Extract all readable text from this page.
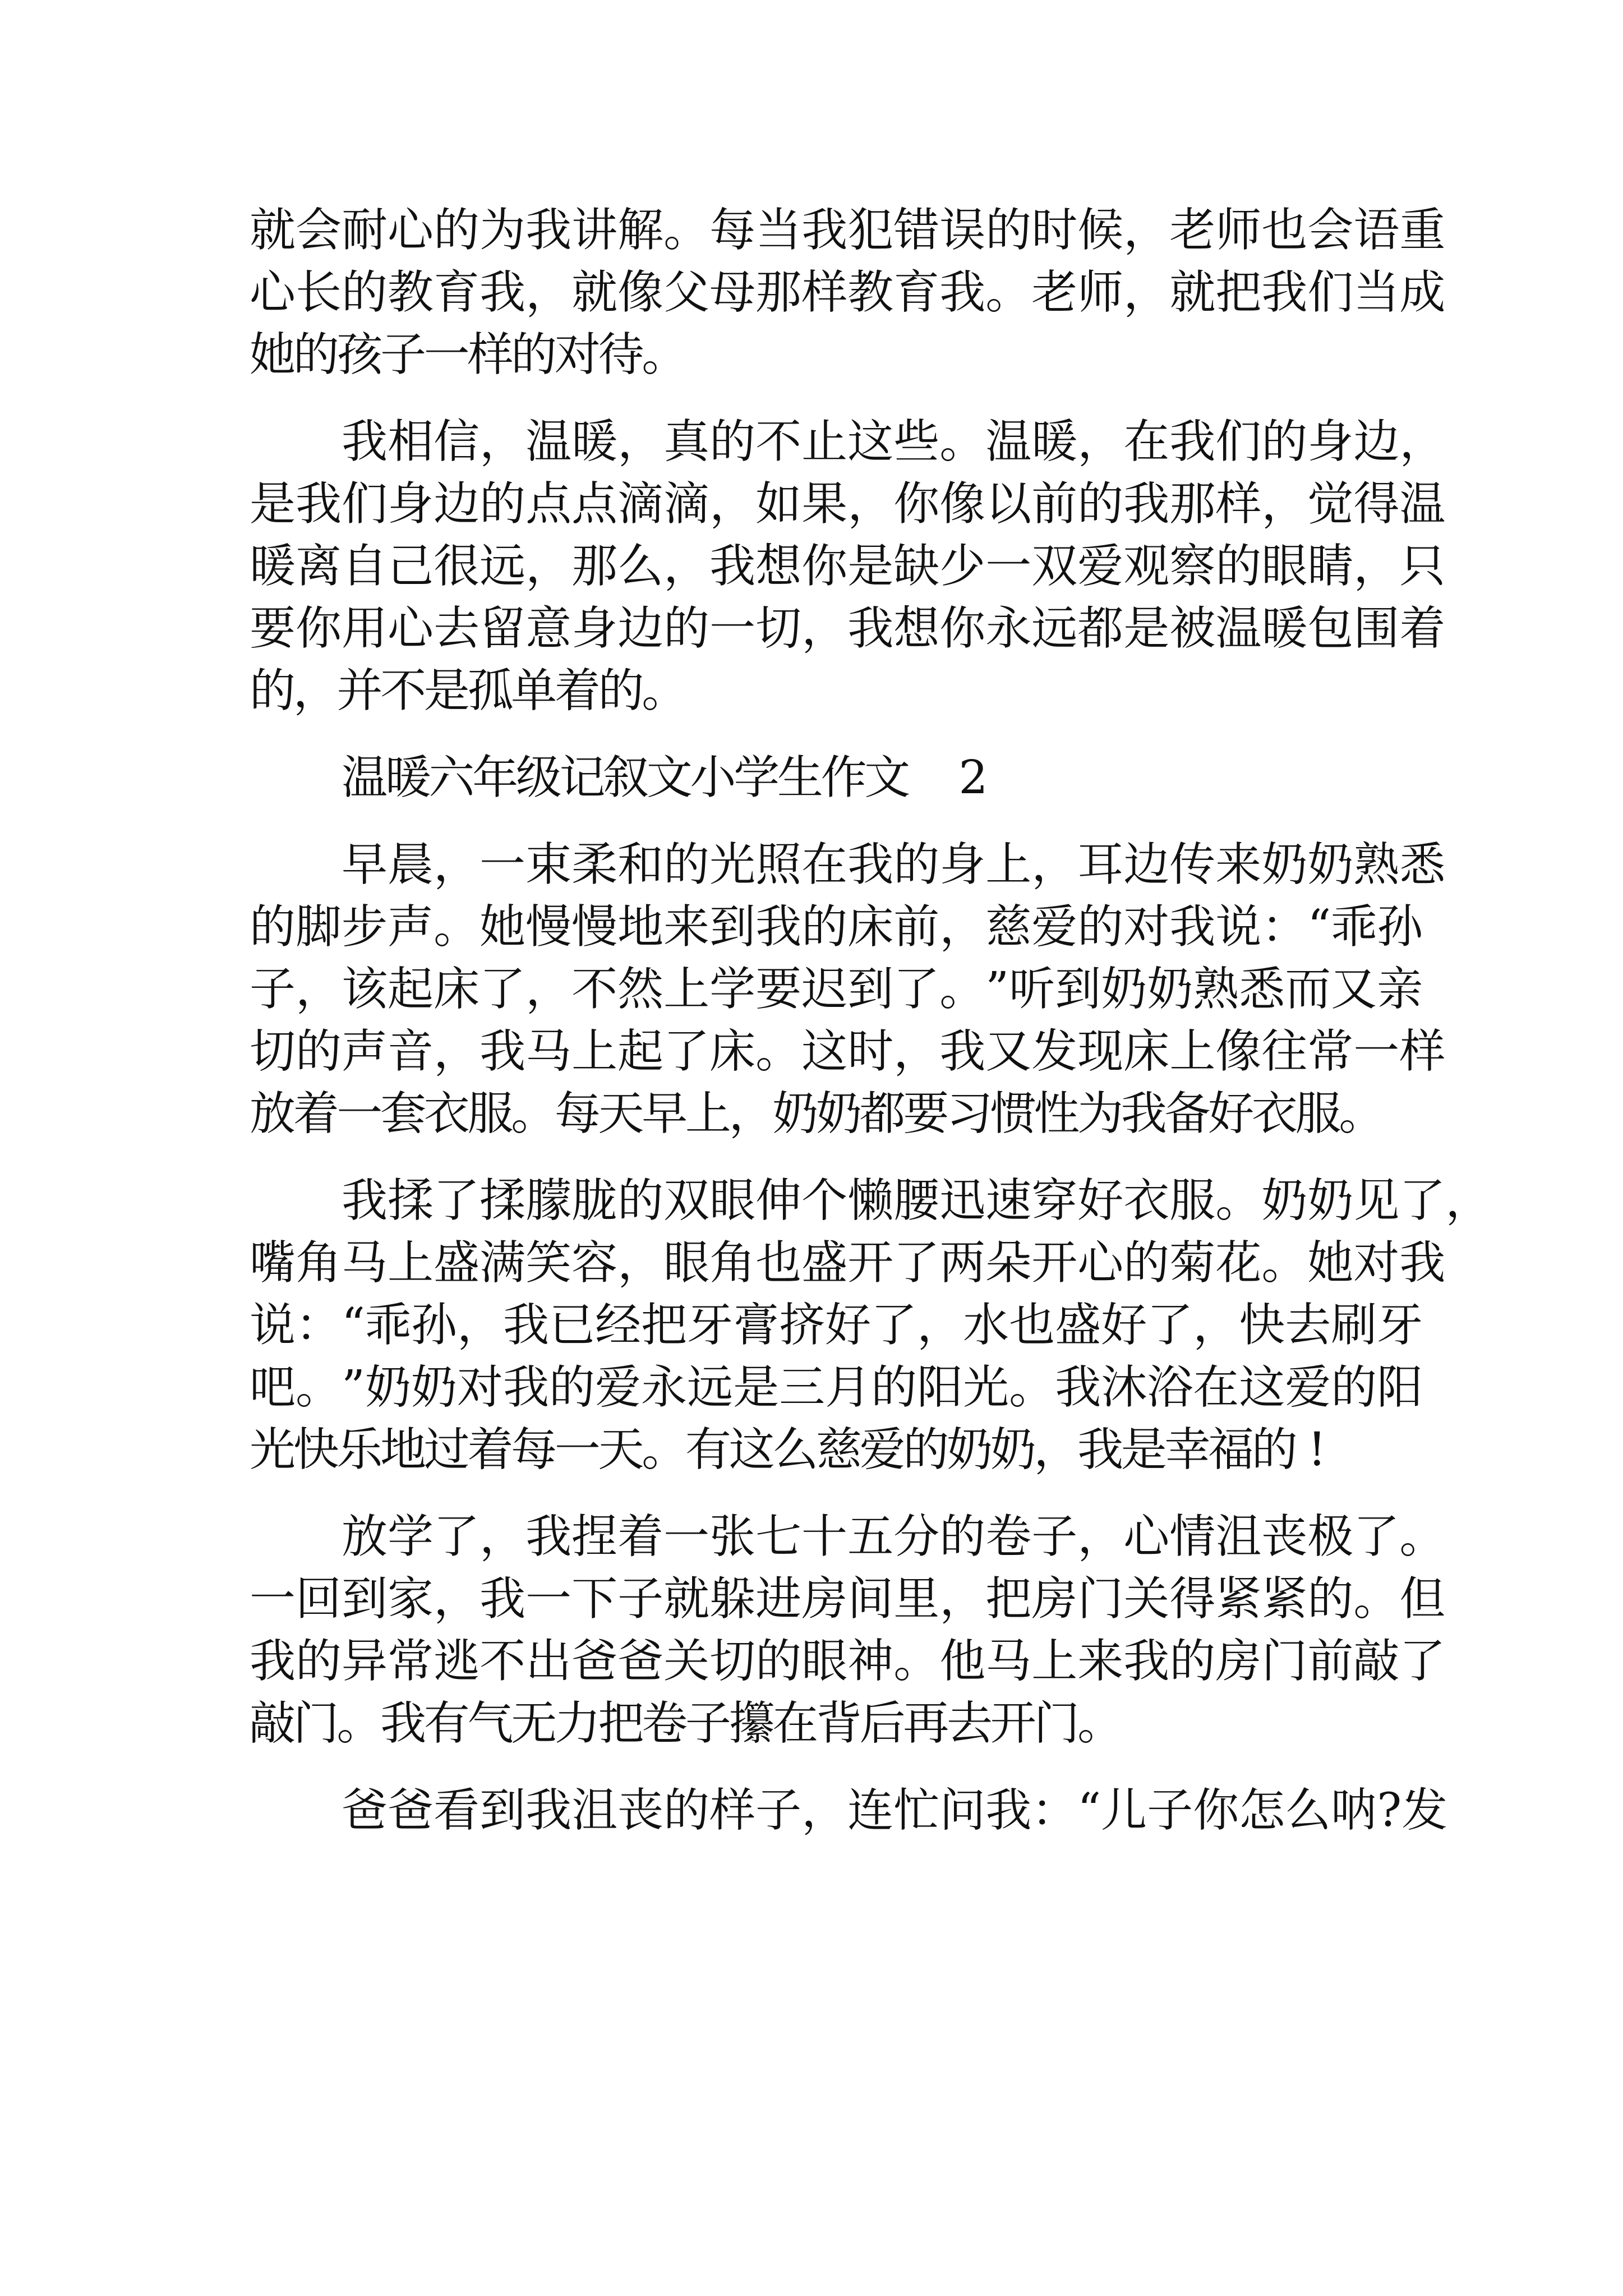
就 会 耐 心 的 为 我 讲 解 。 每 当 我 犯 错 误 的 时 候 ， 老 师 也 会 语 重
心 长 的 教 育 我 ， 就 像 父 母 那 样 教 育 我 。 老 师 ， 就 把 我 们 当 成
她
的
孩
子
一
样
的
对
待
。
我 相 信 ， 温 暖 ， 真 的 不 止 这 些 。 温 暖 ， 在 我 们 的 身 边 ，
是 我 们 身 边 的 点 点 滴 滴 ， 如 果 ， 你 像 以 前 的 我 那 样 ， 觉 得 温
暖 离 自 己 很 远 ， 那 么 ， 我 想 你 是 缺 少 一 双 爱 观 察 的 眼 睛 ， 只
要 你 用 心 去 留 意 身 边 的 一 切 ， 我 想 你 永 远 都 是 被 温 暖 包 围 着
的
，
并
不
是
孤
单
着
的
。
温
暖
六
年
级
记
叙
文
小
学
生
作
文 2
早 晨 ， 一 束 柔 和 的 光 照 在 我 的 身 上 ， 耳 边 传 来 奶 奶 熟 悉
的 脚 步 声 。 她 慢 慢 地 来 到 我 的 床 前 ， 慈 爱 的 对 我 说 ： “ 乖 孙
子 ， 该 起 床 了 ， 不 然 上 学 要 迟 到 了 。 ” 听 到 奶 奶 熟 悉 而 又 亲
切 的 声 音 ， 我 马 上 起 了 床 。 这 时 ， 我 又 发 现 床 上 像 往 常 一 样
放
着
一
套
衣
服
。
每
天
早
上
，
奶
奶
都
要
习
惯
性
为
我
备
好
衣
服
。
我 揉 了 揉 朦 胧 的 双 眼 伸 个 懒 腰 迅 速 穿 好 衣 服 。 奶 奶 见 了 ，
嘴 角 马 上 盛 满 笑 容 ， 眼 角 也 盛 开 了 两 朵 开 心 的 菊 花 。 她 对 我
说 ： “ 乖 孙 ， 我 已 经 把 牙 膏 挤 好 了 ， 水 也 盛 好 了 ， 快 去 刷 牙
吧 。 ” 奶 奶 对 我 的 爱 永 远 是 三 月 的 阳 光 。 我 沐 浴 在 这 爱 的 阳
光
快
乐
地
过
着
每
一
天
。
有
这
么
慈
爱
的
奶
奶
，
我
是
幸
福
的 !
放 学 了 ， 我 捏 着 一 张 七 十 五 分 的 卷 子 ， 心 情 沮 丧 极 了 。
一 回 到 家 ， 我 一 下 子 就 躲 进 房 间 里 ， 把 房 门 关 得 紧 紧 的 。 但
我 的 异 常 逃 不 出 爸 爸 关 切 的 眼 神 。 他 马 上 来 我 的 房 门 前 敲 了
敲
门
。
我
有
气
无
力
把
卷
子
攥
在
背
后
再
去
开
门
。
爸 爸 看 到 我 沮 丧 的 样 子 ， 连 忙 问 我 ： “ 儿 子 你 怎 么 呐 ? 发
